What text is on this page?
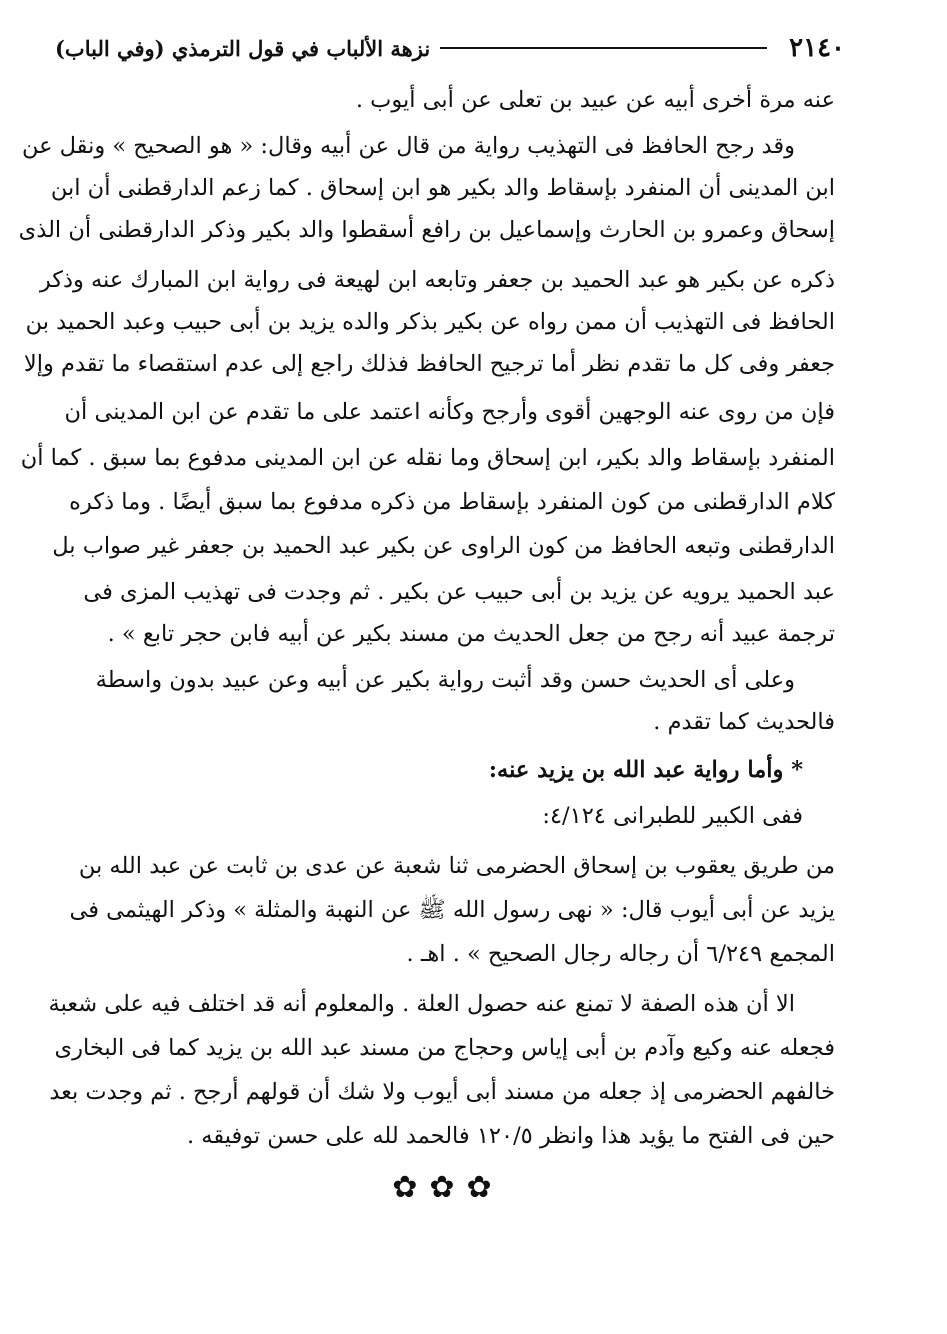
٢١٤٠
نزهة الألباب في قول الترمذي (وفي الباب)
عنه مرة أخرى أبيه عن عبيد بن تعلى عن أبى أيوب .
وقد رجح الحافظ فى التهذيب رواية من قال عن أبيه وقال: « هو الصحيح » ونقل عن
ابن المدينى أن المنفرد بإسقاط والد بكير هو ابن إسحاق . كما زعم الدارقطنى أن ابن
إسحاق وعمرو بن الحارث وإسماعيل بن رافع أسقطوا والد بكير وذكر الدارقطنى أن الذى
ذكره عن بكير هو عبد الحميد بن جعفر وتابعه ابن لهيعة فى رواية ابن المبارك عنه وذكر
الحافظ فى التهذيب أن ممن رواه عن بكير بذكر والده يزيد بن أبى حبيب وعبد الحميد بن
جعفر وفى كل ما تقدم نظر أما ترجيح الحافظ فذلك راجع إلى عدم استقصاء ما تقدم وإلا
فإن من روى عنه الوجهين أقوى وأرجح وكأنه اعتمد على ما تقدم عن ابن المدينى أن
المنفرد بإسقاط والد بكير، ابن إسحاق وما نقله عن ابن المدينى مدفوع بما سبق . كما أن
كلام الدارقطنى من كون المنفرد بإسقاط من ذكره مدفوع بما سبق أيضًا . وما ذكره
الدارقطنى وتبعه الحافظ من كون الراوى عن بكير عبد الحميد بن جعفر غير صواب بل
عبد الحميد يرويه عن يزيد بن أبى حبيب عن بكير . ثم وجدت فى تهذيب المزى فى
ترجمة عبيد أنه رجح من جعل الحديث من مسند بكير عن أبيه فابن حجر تابع » .
وعلى أى الحديث حسن وقد أثبت رواية بكير عن أبيه وعن عبيد بدون واسطة
فالحديث كما تقدم .
* وأما رواية عبد الله بن يزيد عنه:
ففى الكبير للطبرانى ٤/١٢٤:
من طريق يعقوب بن إسحاق الحضرمى ثنا شعبة عن عدى بن ثابت عن عبد الله بن
يزيد عن أبى أيوب قال: « نهى رسول الله ﷺ عن النهبة والمثلة » وذكر الهيثمى فى
المجمع ٦/٢٤٩ أن رجاله رجال الصحيح » . اهـ .
الا أن هذه الصفة لا تمنع عنه حصول العلة . والمعلوم أنه قد اختلف فيه على شعبة
فجعله عنه وكيع وآدم بن أبى إياس وحجاج من مسند عبد الله بن يزيد كما فى البخارى
خالفهم الحضرمى إذ جعله من مسند أبى أيوب ولا شك أن قولهم أرجح . ثم وجدت بعد
حين فى الفتح ما يؤيد هذا وانظر ١٢٠/٥ فالحمد لله على حسن توفيقه .
✿✿✿
